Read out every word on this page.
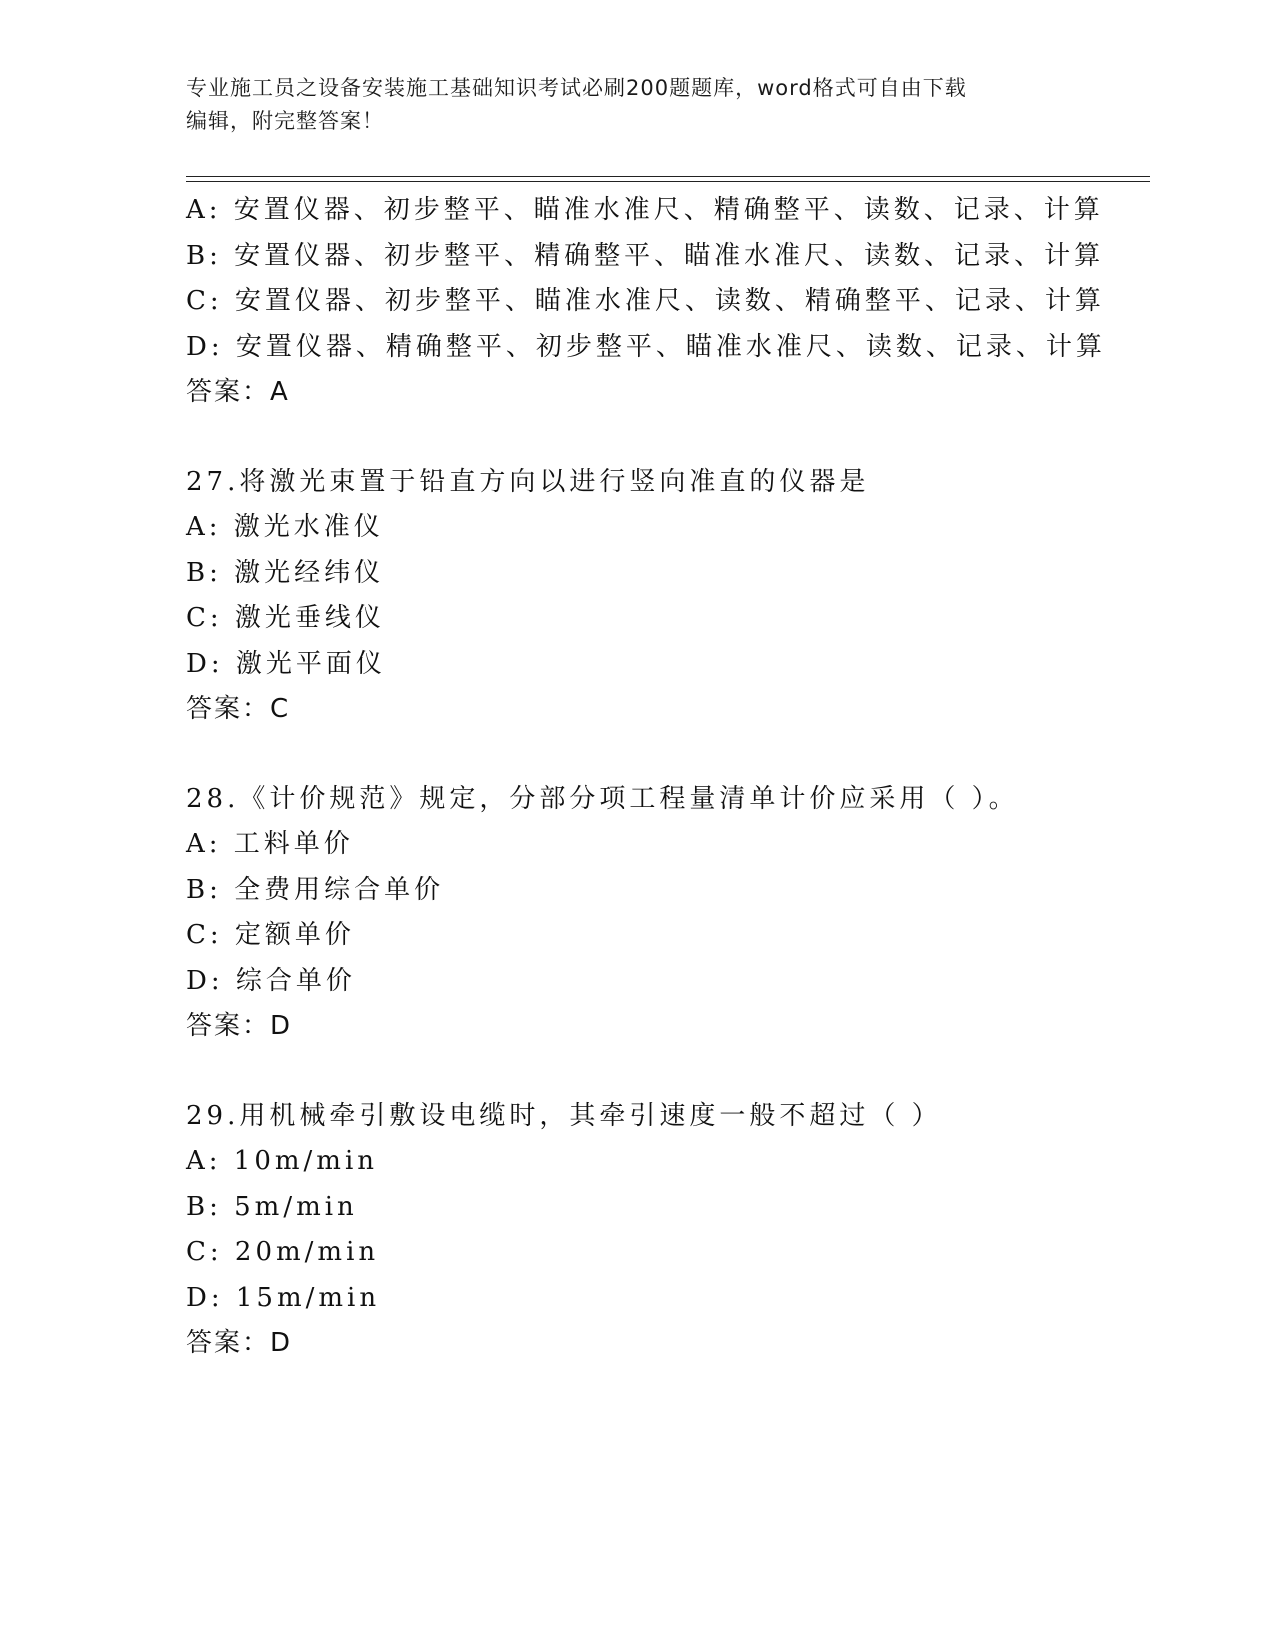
专业施工员之设备安装施工基础知识考试必刷200题题库，word格式可自由下载
编辑，附完整答案！
A: 安置仪器、初步整平、瞄准水准尺、精确整平、读数、记录、计算
B: 安置仪器、初步整平、精确整平、瞄准水准尺、读数、记录、计算
C: 安置仪器、初步整平、瞄准水准尺、读数、精确整平、记录、计算
D: 安置仪器、精确整平、初步整平、瞄准水准尺、读数、记录、计算
答案：A
27.将激光束置于铅直方向以进行竖向准直的仪器是
A: 激光水准仪
B: 激光经纬仪
C: 激光垂线仪
D: 激光平面仪
答案：C
28.《计价规范》规定，分部分项工程量清单计价应采用（ ）。
A: 工料单价
B: 全费用综合单价
C: 定额单价
D: 综合单价
答案：D
29.用机械牵引敷设电缆时，其牵引速度一般不超过（ ）
A: 10m/min
B: 5m/min
C: 20m/min
D: 15m/min
答案：D
